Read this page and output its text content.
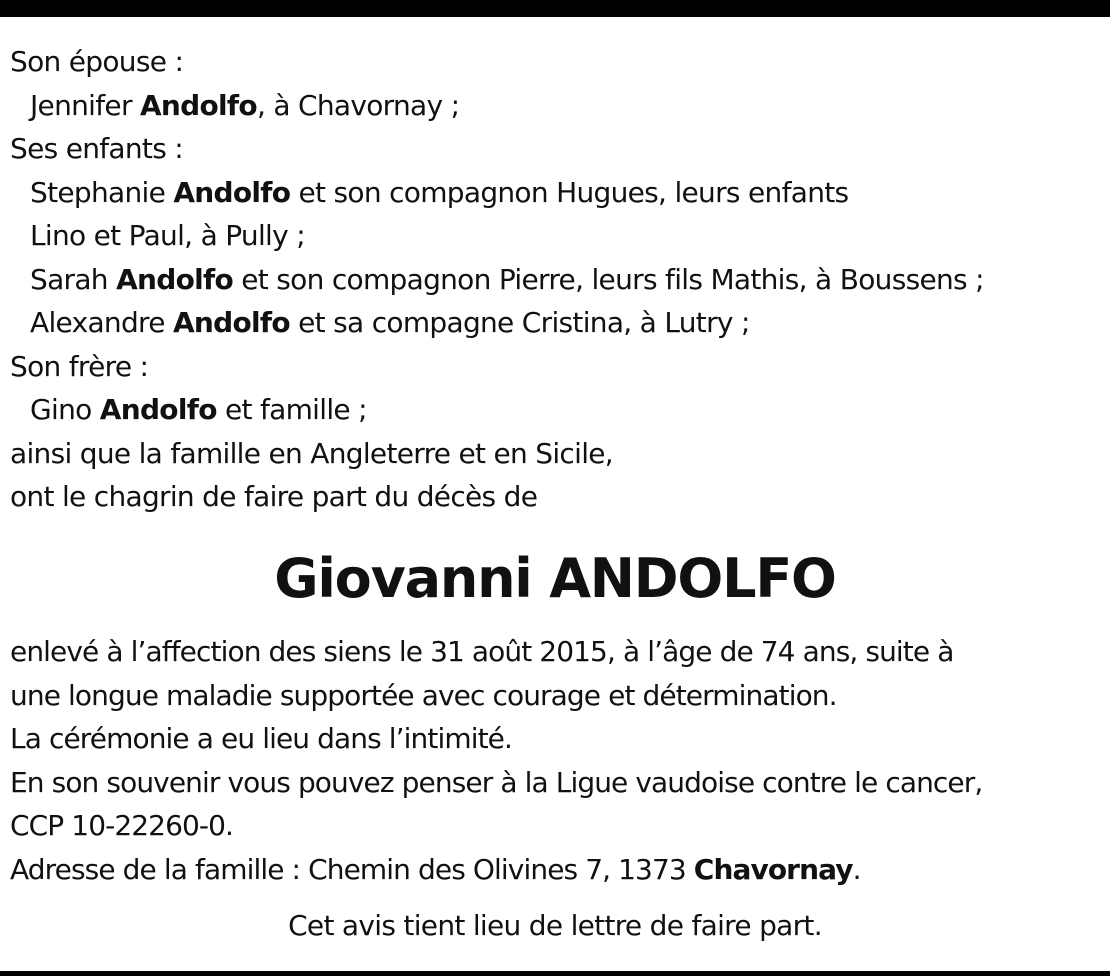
Son épouse :
Jennifer Andolfo, à Chavornay ;
Ses enfants :
Stephanie Andolfo et son compagnon Hugues, leurs enfants
Lino et Paul, à Pully ;
Sarah Andolfo et son compagnon Pierre, leurs fils Mathis, à Boussens ;
Alexandre Andolfo et sa compagne Cristina, à Lutry ;
Son frère :
Gino Andolfo et famille ;
ainsi que la famille en Angleterre et en Sicile,
ont le chagrin de faire part du décès de
Giovanni ANDOLFO
enlevé à l’affection des siens le 31 août 2015, à l’âge de 74 ans, suite à
une longue maladie supportée avec courage et détermination.
La cérémonie a eu lieu dans l’intimité.
En son souvenir vous pouvez penser à la Ligue vaudoise contre le cancer,
CCP 10-22260-0.
Adresse de la famille : Chemin des Olivines 7, 1373 Chavornay.
Cet avis tient lieu de lettre de faire part.
